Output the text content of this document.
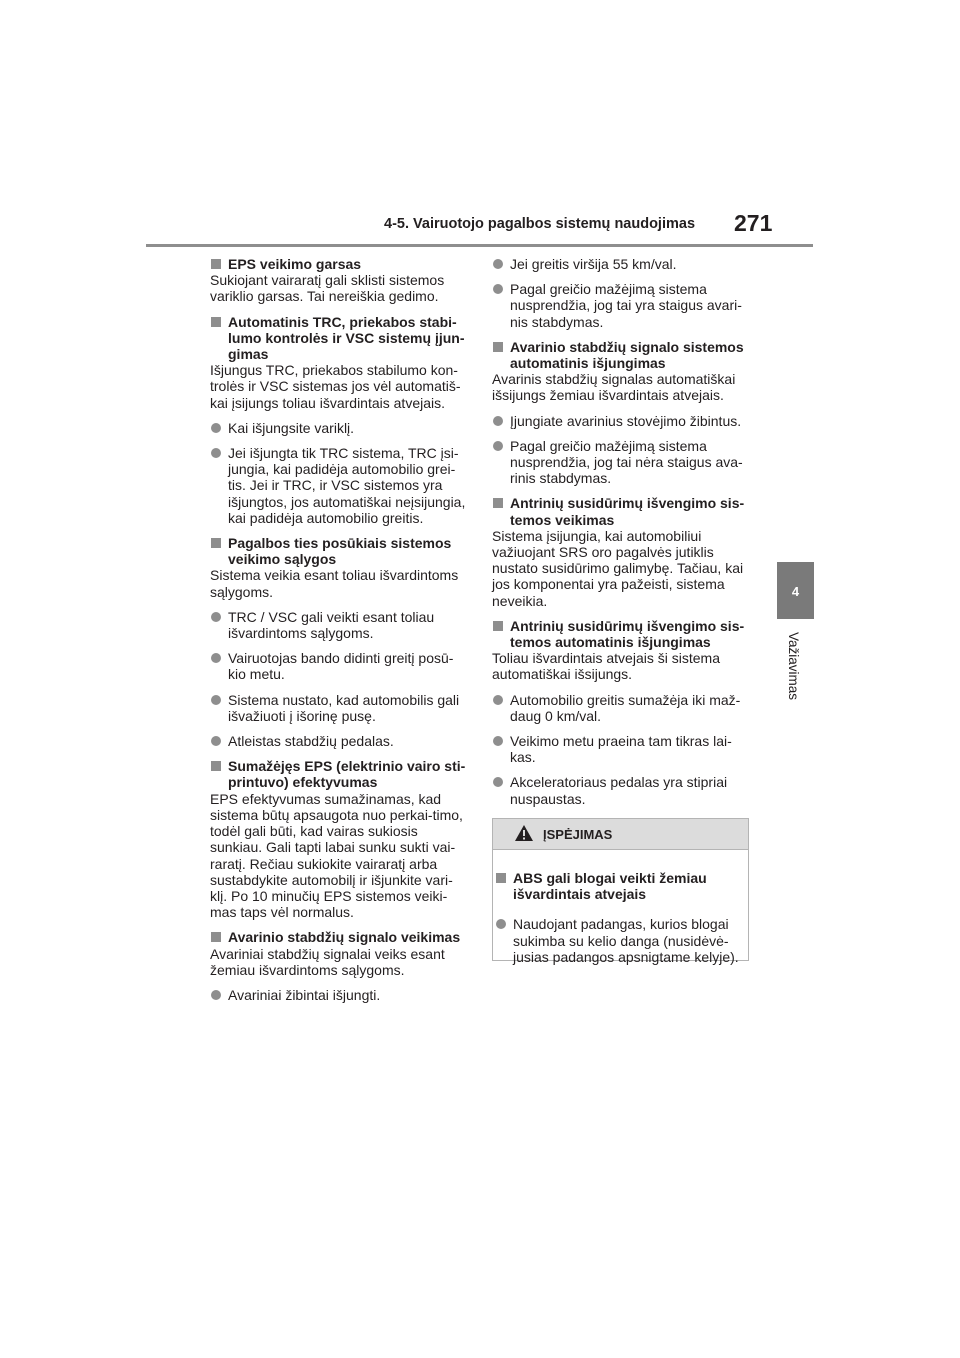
4-5. Vairuotojo pagalbos sistemų naudojimas 271
4
Važiavimas

EPS veikimo garsas

Sukiojant vairaratį gali sklisti sistemos variklio garsas. Tai nereiškia gedimo.

Automatinis TRC, priekabos stabi-lumo kontrolės ir VSC sistemų įjun-gimas

Išjungus TRC, priekabos stabilumo kon-trolės ir VSC sistemas jos vėl automatiš-kai įsijungs toliau išvardintais atvejais.

Kai išjungsite variklį.

Jei išjungta tik TRC sistema, TRC įsi-jungia, kai padidėja automobilio grei-tis. Jei ir TRC, ir VSC sistemos yra išjungtos, jos automatiškai neįsijungia, kai padidėja automobilio greitis.

Pagalbos ties posūkiais sistemos veikimo sąlygos

Sistema veikia esant toliau išvardintoms sąlygoms.

TRC / VSC gali veikti esant toliau išvardintoms sąlygoms.

Vairuotojas bando didinti greitį posū-kio metu.

Sistema nustato, kad automobilis gali išvažiuoti į išorinę pusę.

Atleistas stabdžių pedalas.

Sumažėjęs EPS (elektrinio vairo sti-printuvo) efektyvumas

EPS efektyvumas sumažinamas, kad sistema būtų apsaugota nuo perkai-timo, todėl gali būti, kad vairas sukiosis sunkiau. Gali tapti labai sunku sukti vai-raratį. Rečiau sukiokite vairaratį arba sustabdykite automobilį ir išjunkite vari-klį. Po 10 minučių EPS sistemos veiki-mas taps vėl normalus.

Avarinio stabdžių signalo veikimas

Avariniai stabdžių signalai veiks esant žemiau išvardintoms sąlygoms.

Avariniai žibintai išjungti.

Jei greitis viršija 55 km/val.

Pagal greičio mažėjimą sistema nusprendžia, jog tai yra staigus avari-nis stabdymas.

Avarinio stabdžių signalo sistemos automatinis išjungimas

Avarinis stabdžių signalas automatiškai išsijungs žemiau išvardintais atvejais.

Įjungiate avarinius stovėjimo žibintus.

Pagal greičio mažėjimą sistema nusprendžia, jog tai nėra staigus ava-rinis stabdymas.

Antrinių susidūrimų išvengimo sis-temos veikimas

Sistema įsijungia, kai automobiliui važiuojant SRS oro pagalvės jutiklis nustato susidūrimo galimybę. Tačiau, kai jos komponentai yra pažeisti, sistema neveikia.

Antrinių susidūrimų išvengimo sis-temos automatinis išjungimas

Toliau išvardintais atvejais ši sistema automatiškai išsijungs.

Automobilio greitis sumažėja iki maž-daug 0 km/val.

Veikimo metu praeina tam tikras lai-kas.

Akceleratoriaus pedalas yra stipriai nuspaustas.

ĮSPĖJIMAS

ABS gali blogai veikti žemiau išvardintais atvejais

Naudojant padangas, kurios blogai sukimba su kelio danga (nusidėvė-jusias padangos apsnigtame kelyje).
